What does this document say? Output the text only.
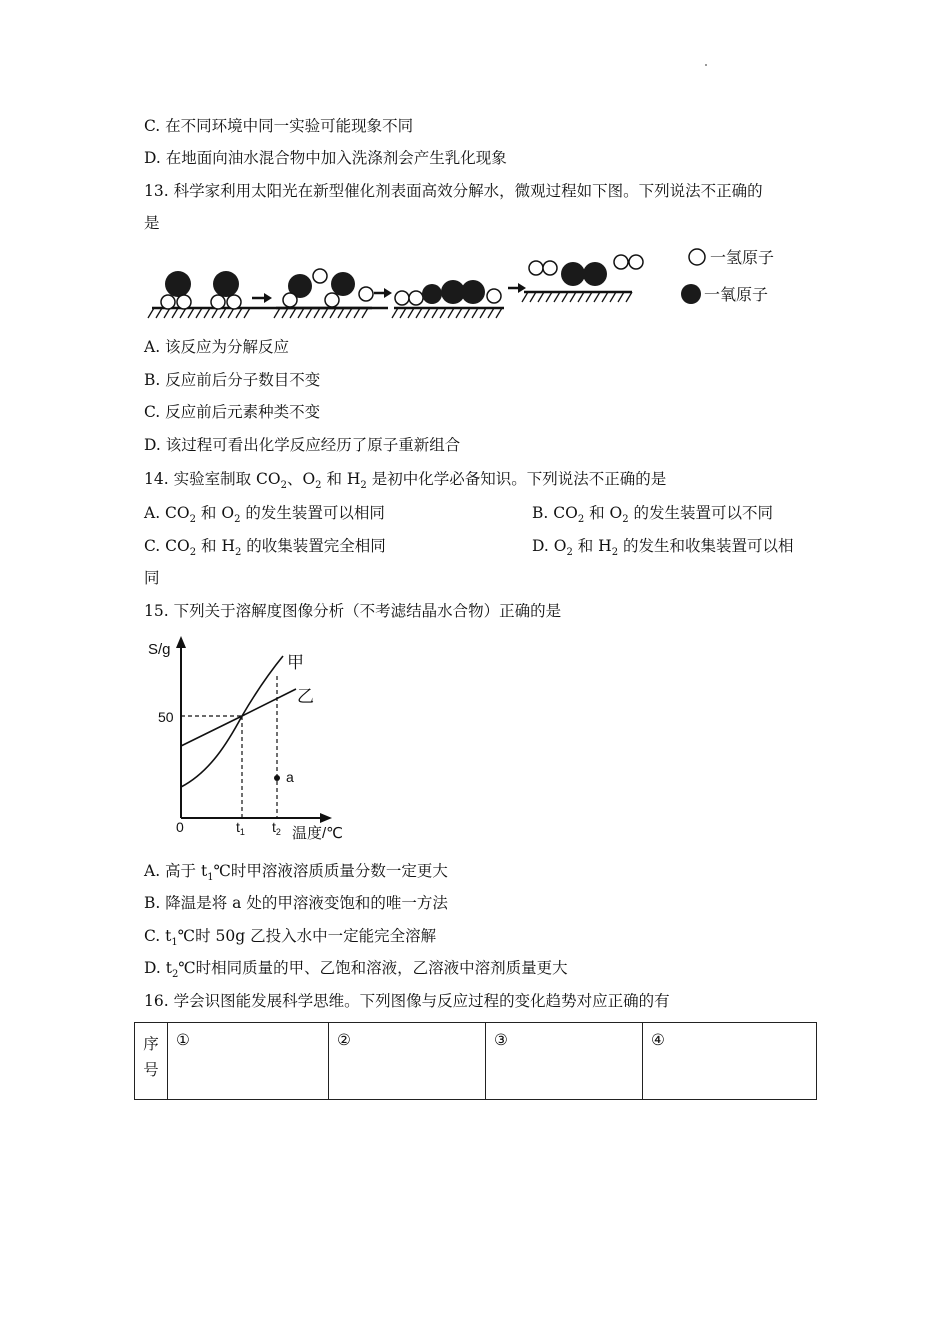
C. 在不同环境中同一实验可能现象不同
D. 在地面向油水混合物中加入洗涤剂会产生乳化现象
13. 科学家利用太阳光在新型催化剂表面高效分解水，微观过程如下图。下列说法不正确的
是
一氢原子
一氧原子
A. 该反应为分解反应
B. 反应前后分子数目不变
C. 反应前后元素种类不变
D. 该过程可看出化学反应经历了原子重新组合
14. 实验室制取 $CO_2$、$O_2$ 和 $H_2$ 是初中化学必备知识。下列说法不正确的是
A. $CO_2$ 和 $O_2$ 的发生装置可以相同	B. $CO_2$ 和 $O_2$ 的发生装置可以不同
C. $CO_2$ 和 $H_2$ 的收集装置完全相同	D. $O_2$ 和 $H_2$ 的发生和收集装置可以相
同
15. 下列关于溶解度图像分析（不考滤结晶水合物）正确的是
S/g
温度/℃
50
0	$t_1$ $t_2$
甲
乙
a
A. 高于 $t_1℃$时甲溶液溶质质量分数一定更大
B. 降温是将 a 处的甲溶液变饱和的唯一方法
C. $t_1℃$时 50g 乙投入水中一定能完全溶解
D. $t_2℃$时相同质量的甲、乙饱和溶液，乙溶液中溶剂质量更大
16. 学会识图能发展科学思维。下列图像与反应过程的变化趋势对应正确的有
序
号
	①	②	③	④
